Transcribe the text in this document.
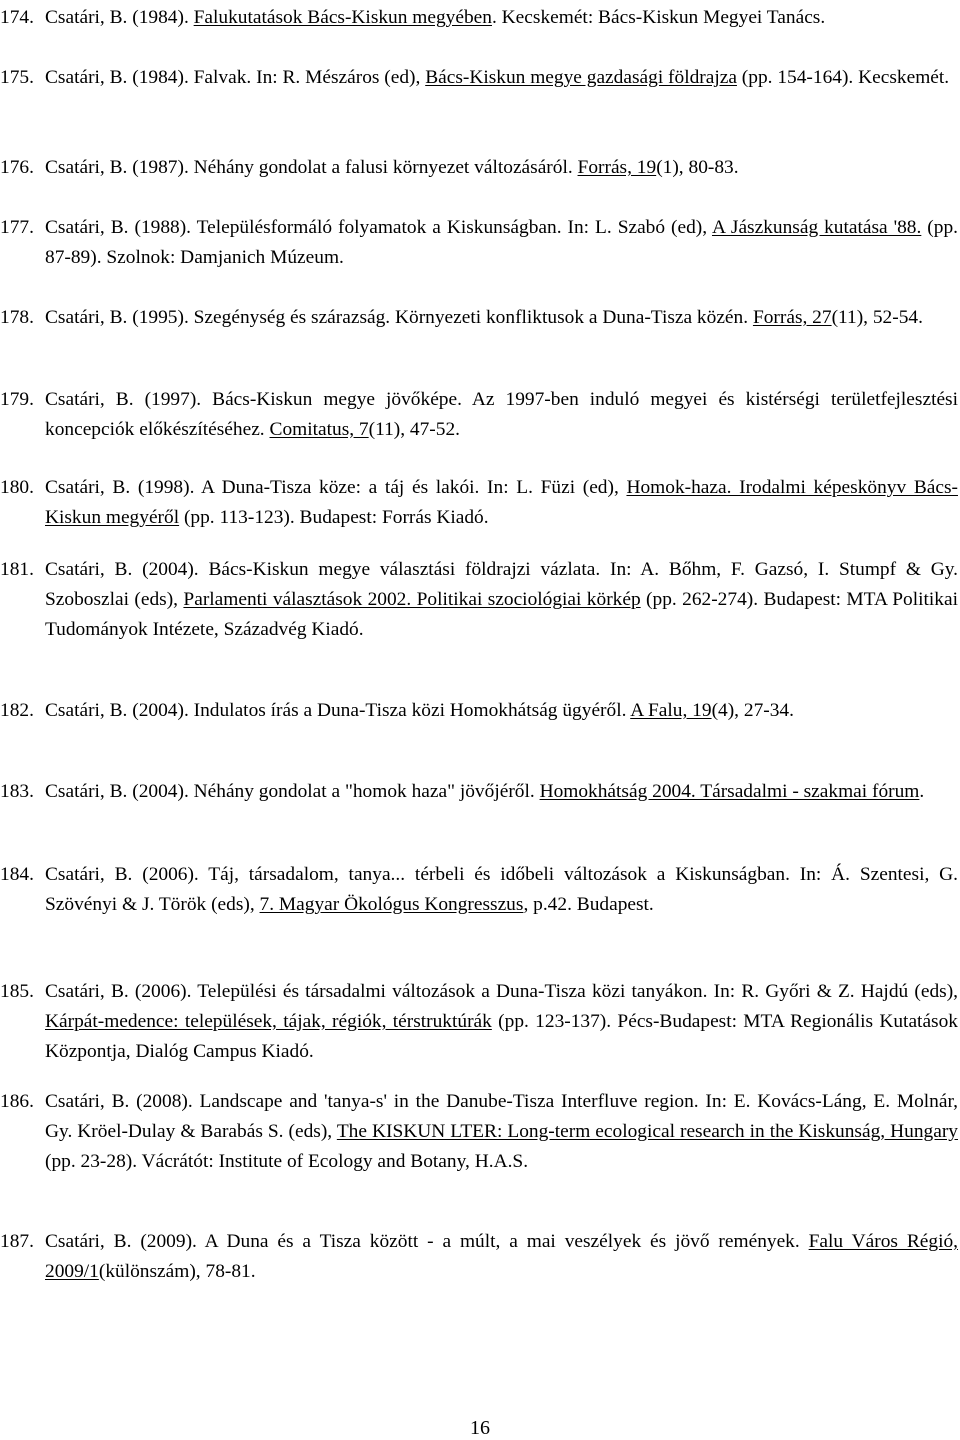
174. Csatári, B. (1984). Falukutatások Bács-Kiskun megyében. Kecskemét: Bács-Kiskun Megyei Tanács.
175. Csatári, B. (1984). Falvak. In: R. Mészáros (ed), Bács-Kiskun megye gazdasági földrajza (pp. 154-164). Kecskemét.
176. Csatári, B. (1987). Néhány gondolat a falusi környezet változásáról. Forrás, 19(1), 80-83.
177. Csatári, B. (1988). Településformáló folyamatok a Kiskunságban. In: L. Szabó (ed), A Jászkunság kutatása '88. (pp. 87-89). Szolnok: Damjanich Múzeum.
178. Csatári, B. (1995). Szegénység és szárazság. Környezeti konfliktusok a Duna-Tisza közén. Forrás, 27(11), 52-54.
179. Csatári, B. (1997). Bács-Kiskun megye jövőképe. Az 1997-ben induló megyei és kistérségi területfejlesztési koncepciók előkészítéséhez. Comitatus, 7(11), 47-52.
180. Csatári, B. (1998). A Duna-Tisza köze: a táj és lakói. In: L. Füzi (ed), Homok-haza. Irodalmi képeskönyv Bács-Kiskun megyéről (pp. 113-123). Budapest: Forrás Kiadó.
181. Csatári, B. (2004). Bács-Kiskun megye választási földrajzi vázlata. In: A. Bőhm, F. Gazsó, I. Stumpf & Gy. Szoboszlai (eds), Parlamenti választások 2002. Politikai szociológiai körkép (pp. 262-274). Budapest: MTA Politikai Tudományok Intézete, Századvég Kiadó.
182. Csatári, B. (2004). Indulatos írás a Duna-Tisza közi Homokhátság ügyéről. A Falu, 19(4), 27-34.
183. Csatári, B. (2004). Néhány gondolat a "homok haza" jövőjéről. Homokhátság 2004. Társadalmi - szakmai fórum.
184. Csatári, B. (2006). Táj, társadalom, tanya... térbeli és időbeli változások a Kiskunságban. In: Á. Szentesi, G. Szövényi & J. Török (eds), 7. Magyar Ökológus Kongresszus, p.42. Budapest.
185. Csatári, B. (2006). Települési és társadalmi változások a Duna-Tisza közi tanyákon. In: R. Győri & Z. Hajdú (eds), Kárpát-medence: települések, tájak, régiók, térstruktúrák (pp. 123-137). Pécs-Budapest: MTA Regionális Kutatások Központja, Dialóg Campus Kiadó.
186. Csatári, B. (2008). Landscape and 'tanya-s' in the Danube-Tisza Interfluve region. In: E. Kovács-Láng, E. Molnár, Gy. Kröel-Dulay & Barabás S. (eds), The KISKUN LTER: Long-term ecological research in the Kiskunság, Hungary (pp. 23-28). Vácrátót: Institute of Ecology and Botany, H.A.S.
187. Csatári, B. (2009). A Duna és a Tisza között - a múlt, a mai veszélyek és jövő remények. Falu Város Régió, 2009/1(különszám), 78-81.
16
